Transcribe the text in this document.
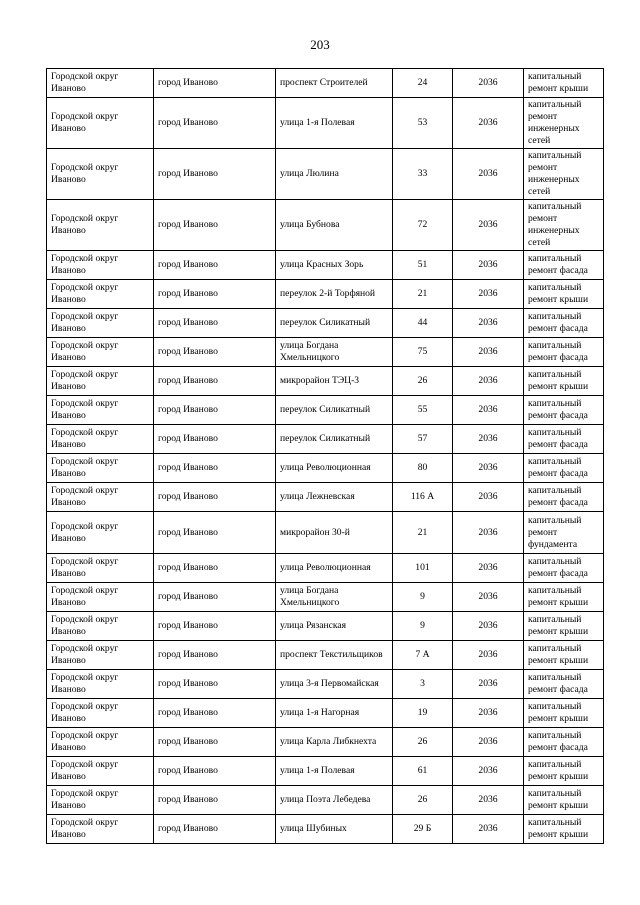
203
Городской округ Иваново	город Иваново	проспект Строителей	24	2036	капитальный ремонт крыши
Городской округ Иваново	город Иваново	улица 1-я Полевая	53	2036	капитальный ремонт инженерных сетей
Городской округ Иваново	город Иваново	улица Люлина	33	2036	капитальный ремонт инженерных сетей
Городской округ Иваново	город Иваново	улица Бубнова	72	2036	капитальный ремонт инженерных сетей
Городской округ Иваново	город Иваново	улица Красных Зорь	51	2036	капитальный ремонт фасада
Городской округ Иваново	город Иваново	переулок 2-й Торфяной	21	2036	капитальный ремонт крыши
Городской округ Иваново	город Иваново	переулок Силикатный	44	2036	капитальный ремонт фасада
Городской округ Иваново	город Иваново	улица Богдана Хмельницкого	75	2036	капитальный ремонт фасада
Городской округ Иваново	город Иваново	микрорайон ТЭЦ-3	26	2036	капитальный ремонт крыши
Городской округ Иваново	город Иваново	переулок Силикатный	55	2036	капитальный ремонт фасада
Городской округ Иваново	город Иваново	переулок Силикатный	57	2036	капитальный ремонт фасада
Городской округ Иваново	город Иваново	улица Революционная	80	2036	капитальный ремонт фасада
Городской округ Иваново	город Иваново	улица Лежневская	116 А	2036	капитальный ремонт фасада
Городской округ Иваново	город Иваново	микрорайон 30-й	21	2036	капитальный ремонт фундамента
Городской округ Иваново	город Иваново	улица Революционная	101	2036	капитальный ремонт фасада
Городской округ Иваново	город Иваново	улица Богдана Хмельницкого	9	2036	капитальный ремонт крыши
Городской округ Иваново	город Иваново	улица Рязанская	9	2036	капитальный ремонт крыши
Городской округ Иваново	город Иваново	проспект Текстильщиков	7 А	2036	капитальный ремонт крыши
Городской округ Иваново	город Иваново	улица 3-я Первомайская	3	2036	капитальный ремонт фасада
Городской округ Иваново	город Иваново	улица 1-я Нагорная	19	2036	капитальный ремонт крыши
Городской округ Иваново	город Иваново	улица Карла Либкнехта	26	2036	капитальный ремонт фасада
Городской округ Иваново	город Иваново	улица 1-я Полевая	61	2036	капитальный ремонт крыши
Городской округ Иваново	город Иваново	улица Поэта Лебедева	26	2036	капитальный ремонт крыши
Городской округ Иваново	город Иваново	улица Шубиных	29 Б	2036	капитальный ремонт крыши
